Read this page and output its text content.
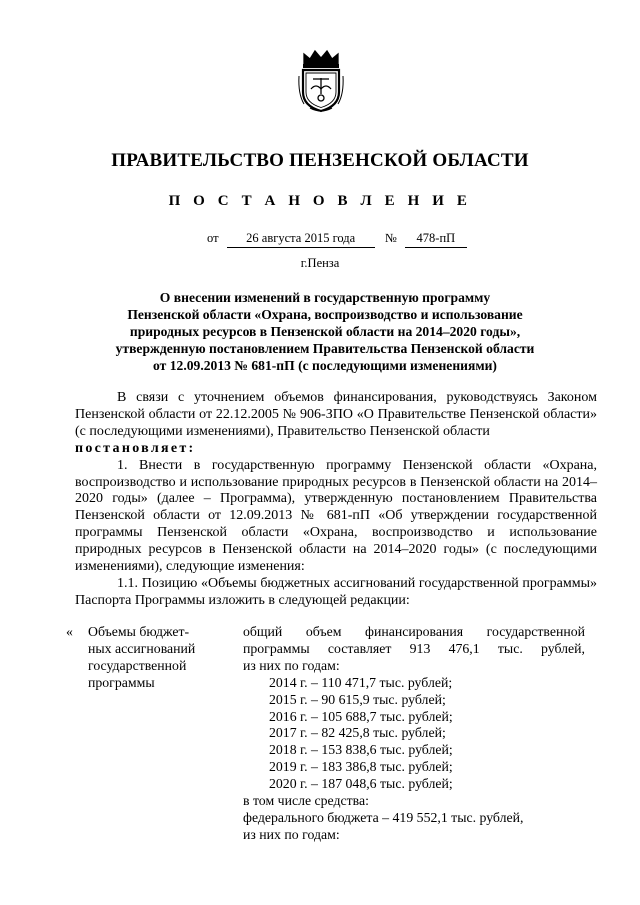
ПРАВИТЕЛЬСТВО ПЕНЗЕНСКОЙ ОБЛАСТИ
П О С Т А Н О В Л Е Н И Е
от 26 августа 2015 года № 478-пП
г.Пенза
О внесении изменений в государственную программу
Пензенской области «Охрана, воспроизводство и использование
природных ресурсов в Пензенской области на 2014–2020 годы»,
утвержденную постановлением Правительства Пензенской области
от 12.09.2013 № 681-пП (с последующими изменениями)

В связи с уточнением объемов финансирования, руководствуясь Законом Пензенской области от 22.12.2005 № 906-ЗПО «О Правительстве Пензенской области» (с последующими изменениями), Правительство Пензенской области

постановляет:

1. Внести в государственную программу Пензенской области «Охрана, воспроизводство и использование природных ресурсов в Пензенской области на 2014–2020 годы» (далее – Программа), утвержденную постановлением Правительства Пензенской области от 12.09.2013 № 681-пП «Об утверждении государственной программы Пензенской области «Охрана, воспроизводство и использование природных ресурсов в Пензенской области на 2014–2020 годы» (с последующими изменениями), следующие изменения:

1.1. Позицию «Объемы бюджетных ассигнований государственной программы» Паспорта Программы изложить в следующей редакции:

« Объемы бюджет-
ных ассигнований
государственной
программы
общий объем финансирования государственной
программы составляет 913 476,1 тыс. рублей,
из них по годам:
2014 г. – 110 471,7 тыс. рублей;
2015 г. – 90 615,9 тыс. рублей;
2016 г. – 105 688,7 тыс. рублей;
2017 г. – 82 425,8 тыс. рублей;
2018 г. – 153 838,6 тыс. рублей;
2019 г. – 183 386,8 тыс. рублей;
2020 г. – 187 048,6 тыс. рублей;
в том числе средства:
федерального бюджета – 419 552,1 тыс. рублей,
из них по годам:
